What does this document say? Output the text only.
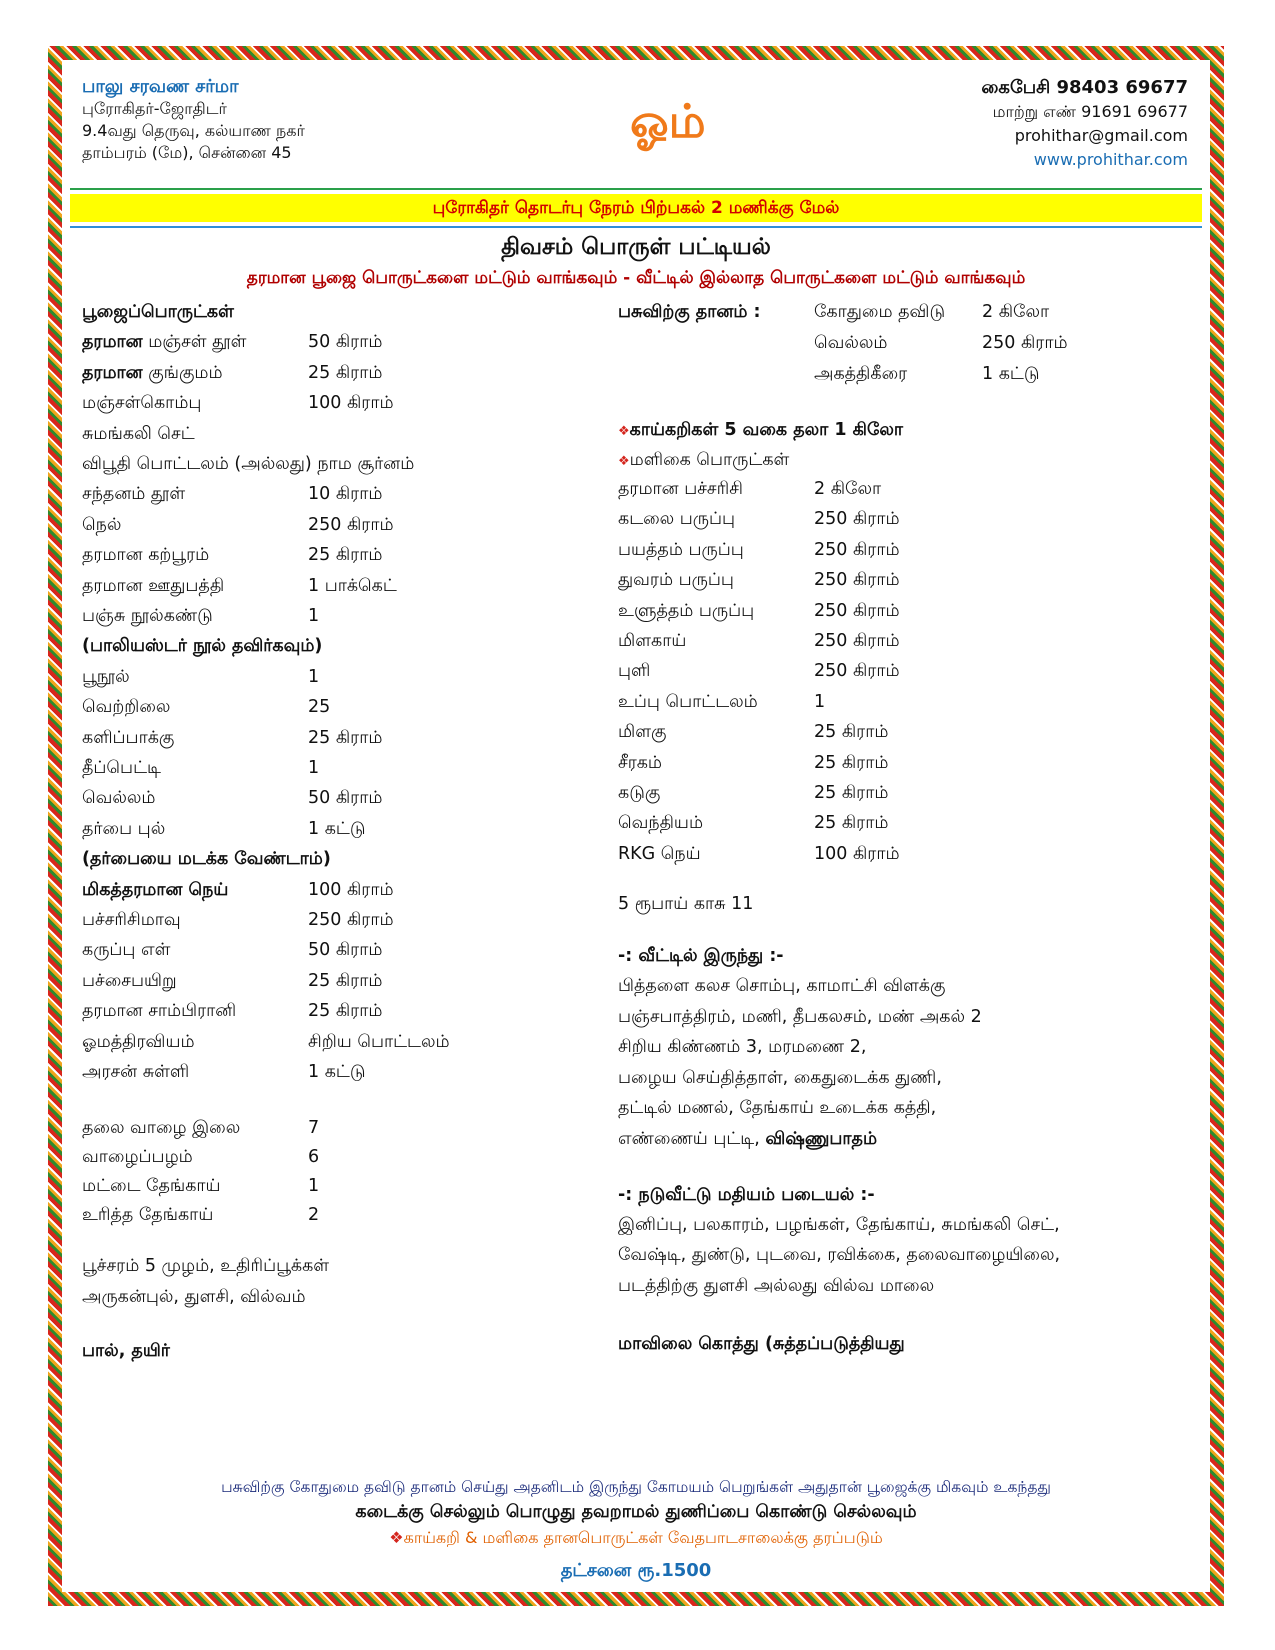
பாலு சரவண சர்மா
புரோகிதர்-ஜோதிடர்
9.4வது தெருவு, கல்யாண நகர்
தாம்பரம் (மே), சென்னை 45
ஓம்
கைபேசி 98403 69677
மாற்று எண் 91691 69677
prohithar@gmail.com
www.prohithar.com
புரோகிதர் தொடர்பு நேரம் பிற்பகல் 2 மணிக்கு மேல்
திவசம் பொருள் பட்டியல்
தரமான பூஜை பொருட்களை மட்டும் வாங்கவும் - வீட்டில் இல்லாத பொருட்களை மட்டும் வாங்கவும்
பூஜைப்பொருட்கள்
தரமான மஞ்சள் தூள்	50 கிராம்
தரமான குங்குமம்	25 கிராம்
மஞ்சள்கொம்பு	100 கிராம்
சுமங்கலி செட்
விபூதி பொட்டலம் (அல்லது) நாம சூர்னம்
சந்தனம் தூள்	10 கிராம்
நெல்	250 கிராம்
தரமான கற்பூரம்	25 கிராம்
தரமான ஊதுபத்தி	1 பாக்கெட்
பஞ்சு நூல்கண்டு	1
(பாலியஸ்டர் நூல் தவிர்கவும்)
பூநூல்	1
வெற்றிலை	25
களிப்பாக்கு	25 கிராம்
தீப்பெட்டி	1
வெல்லம்	50 கிராம்
தர்பை புல்	1 கட்டு
(தர்பையை மடக்க வேண்டாம்)
மிகத்தரமான நெய்	100 கிராம்
பச்சரிசிமாவு	250 கிராம்
கருப்பு எள்	50 கிராம்
பச்சைபயிறு	25 கிராம்
தரமான சாம்பிரானி	25 கிராம்
ஓமத்திரவியம்	சிறிய பொட்டலம்
அரசன் சுள்ளி	1 கட்டு
தலை வாழை இலை	7
வாழைப்பழம்	6
மட்டை தேங்காய்	1
உரித்த தேங்காய்	2
பூச்சரம் 5 முழம், உதிரிப்பூக்கள்
அருகன்புல், துளசி, வில்வம்
பால், தயிர்
பசுவிற்கு தானம் :	கோதுமை தவிடு 2 கிலோ
வெல்லம்	250 கிராம்
அகத்திகீரை	1 கட்டு
❖காய்கறிகள் 5 வகை தலா 1 கிலோ
❖மளிகை பொருட்கள்
தரமான பச்சரிசி	2 கிலோ
கடலை பருப்பு	250 கிராம்
பயத்தம் பருப்பு	250 கிராம்
துவரம் பருப்பு	250 கிராம்
உளுத்தம் பருப்பு	250 கிராம்
மிளகாய்	250 கிராம்
புளி	250 கிராம்
உப்பு பொட்டலம்	1
மிளகு	25 கிராம்
சீரகம்	25 கிராம்
கடுகு	25 கிராம்
வெந்தியம்	25 கிராம்
RKG நெய்	100 கிராம்
5 ரூபாய் காசு 11
-: வீட்டில் இருந்து :-
பித்தளை கலச சொம்பு, காமாட்சி விளக்கு
பஞ்சபாத்திரம், மணி, தீபகலசம், மண் அகல் 2
சிறிய கிண்ணம் 3, மரமணை 2,
பழைய செய்தித்தாள், கைதுடைக்க துணி,
தட்டில் மணல், தேங்காய் உடைக்க கத்தி,
எண்ணைய் புட்டி, விஷ்ணுபாதம்
-: நடுவீட்டு மதியம் படையல் :-
இனிப்பு, பலகாரம், பழங்கள், தேங்காய், சுமங்கலி செட்,
வேஷ்டி, துண்டு, புடவை, ரவிக்கை, தலைவாழையிலை,
படத்திற்கு துளசி அல்லது வில்வ மாலை
மாவிலை கொத்து (சுத்தப்படுத்தியது
பசுவிற்கு கோதுமை தவிடு தானம் செய்து அதனிடம் இருந்து கோமயம் பெறுங்கள் அதுதான் பூஜைக்கு மிகவும் உகந்தது
கடைக்கு செல்லும் பொழுது தவறாமல் துணிப்பை கொண்டு செல்லவும்
❖காய்கறி & மளிகை தானபொருட்கள் வேதபாடசாலைக்கு தரப்படும்
தட்சனை ரூ.1500
